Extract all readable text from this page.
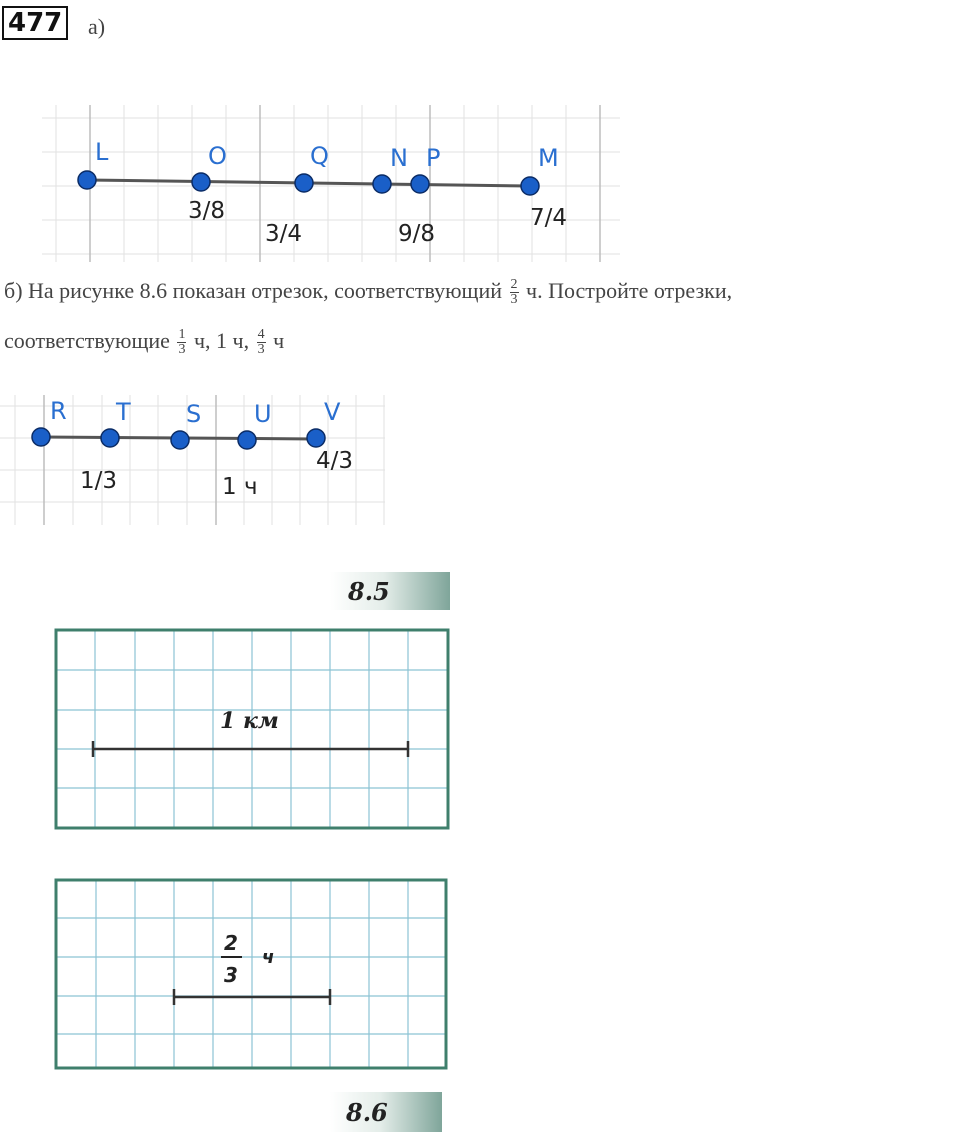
477 а)
L	O	Q	N P	M
3/8
3/4	9/8
7/4
б) На рисунке 8.6 показан отрезок, соответствующий $\frac{2}{3} ч$. Постройте отрезки,
соответствующие $\frac{1}{3} ч$, 1 ч, $\frac{4}{3}$ ч
R T S U V
1/3	1 ч
4/3
8.5
1 км
2
3
ч
8.6
